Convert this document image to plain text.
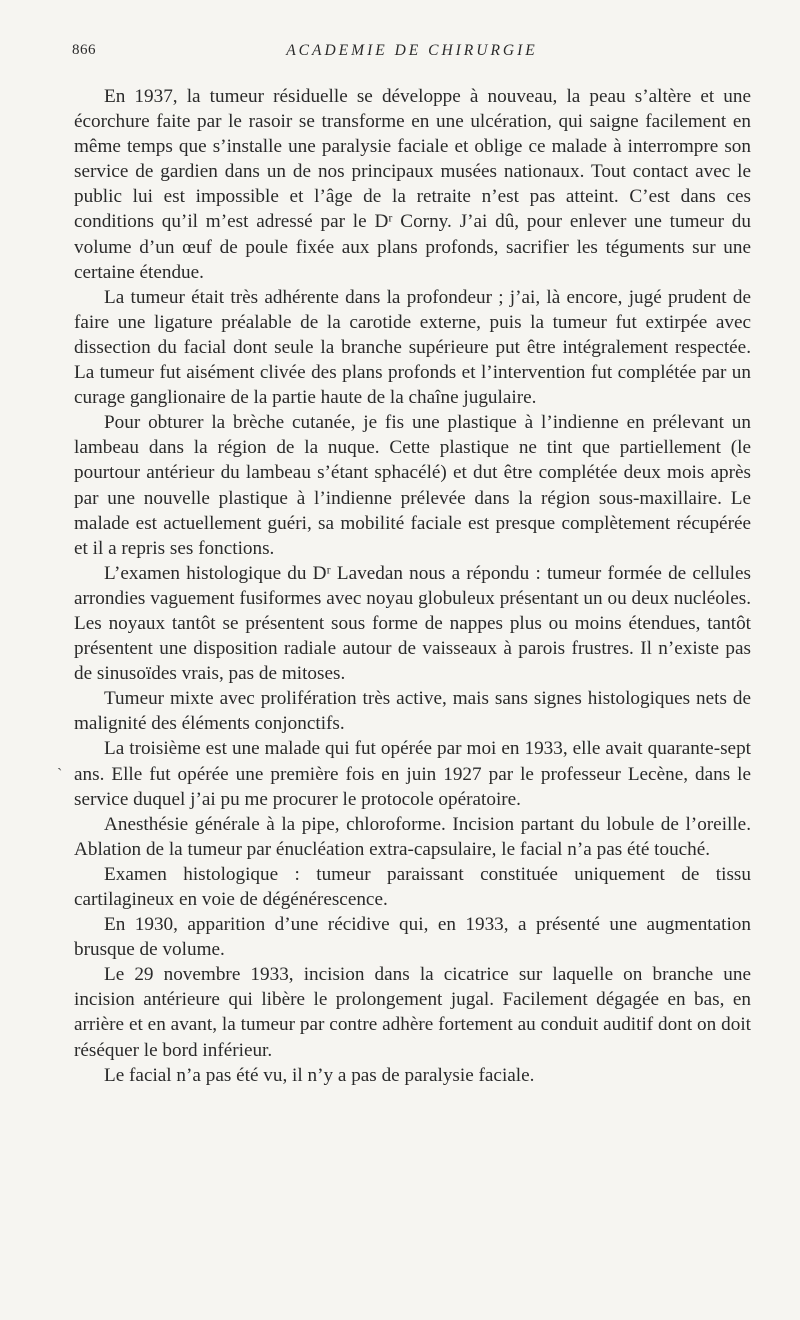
866	ACADEMIE DE CHIRURGIE
`

En 1937, la tumeur résiduelle se développe à nouveau, la peau s’altère et une écorchure faite par le rasoir se transforme en une ulcération, qui saigne facilement en même temps que s’installe une paralysie faciale et oblige ce malade à interrompre son service de gardien dans un de nos principaux musées nationaux. Tout contact avec le public lui est impossible et l’âge de la retraite n’est pas atteint. C’est dans ces conditions qu’il m’est adressé par le Dʳ Corny. J’ai dû, pour enlever une tumeur du volume d’un œuf de poule fixée aux plans profonds, sacrifier les téguments sur une certaine étendue.

La tumeur était très adhérente dans la profondeur ; j’ai, là encore, jugé prudent de faire une ligature préalable de la carotide externe, puis la tumeur fut extirpée avec dissection du facial dont seule la branche supérieure put être intégralement respectée. La tumeur fut aisément clivée des plans profonds et l’intervention fut complétée par un curage ganglionaire de la partie haute de la chaîne jugulaire.

Pour obturer la brèche cutanée, je fis une plastique à l’indienne en prélevant un lambeau dans la région de la nuque. Cette plastique ne tint que partiellement (le pourtour antérieur du lambeau s’étant sphacélé) et dut être complétée deux mois après par une nouvelle plastique à l’indienne prélevée dans la région sous-maxillaire. Le malade est actuellement guéri, sa mobilité faciale est presque complètement récupérée et il a repris ses fonctions.

L’examen histologique du Dʳ Lavedan nous a répondu : tumeur formée de cellules arrondies vaguement fusiformes avec noyau globuleux présentant un ou deux nucléoles. Les noyaux tantôt se présentent sous forme de nappes plus ou moins étendues, tantôt présentent une disposition radiale autour de vaisseaux à parois frustres. Il n’existe pas de sinusoïdes vrais, pas de mitoses.

Tumeur mixte avec prolifération très active, mais sans signes histologiques nets de malignité des éléments conjonctifs.

La troisième est une malade qui fut opérée par moi en 1933, elle avait quarante-sept ans. Elle fut opérée une première fois en juin 1927 par le professeur Lecène, dans le service duquel j’ai pu me procurer le protocole opératoire.

Anesthésie générale à la pipe, chloroforme. Incision partant du lobule de l’oreille. Ablation de la tumeur par énucléation extra-capsulaire, le facial n’a pas été touché.

Examen histologique : tumeur paraissant constituée uniquement de tissu cartilagineux en voie de dégénérescence.

En 1930, apparition d’une récidive qui, en 1933, a présenté une augmentation brusque de volume.

Le 29 novembre 1933, incision dans la cicatrice sur laquelle on branche une incision antérieure qui libère le prolongement jugal. Facilement dégagée en bas, en arrière et en avant, la tumeur par contre adhère fortement au conduit auditif dont on doit réséquer le bord inférieur.

Le facial n’a pas été vu, il n’y a pas de paralysie faciale.
